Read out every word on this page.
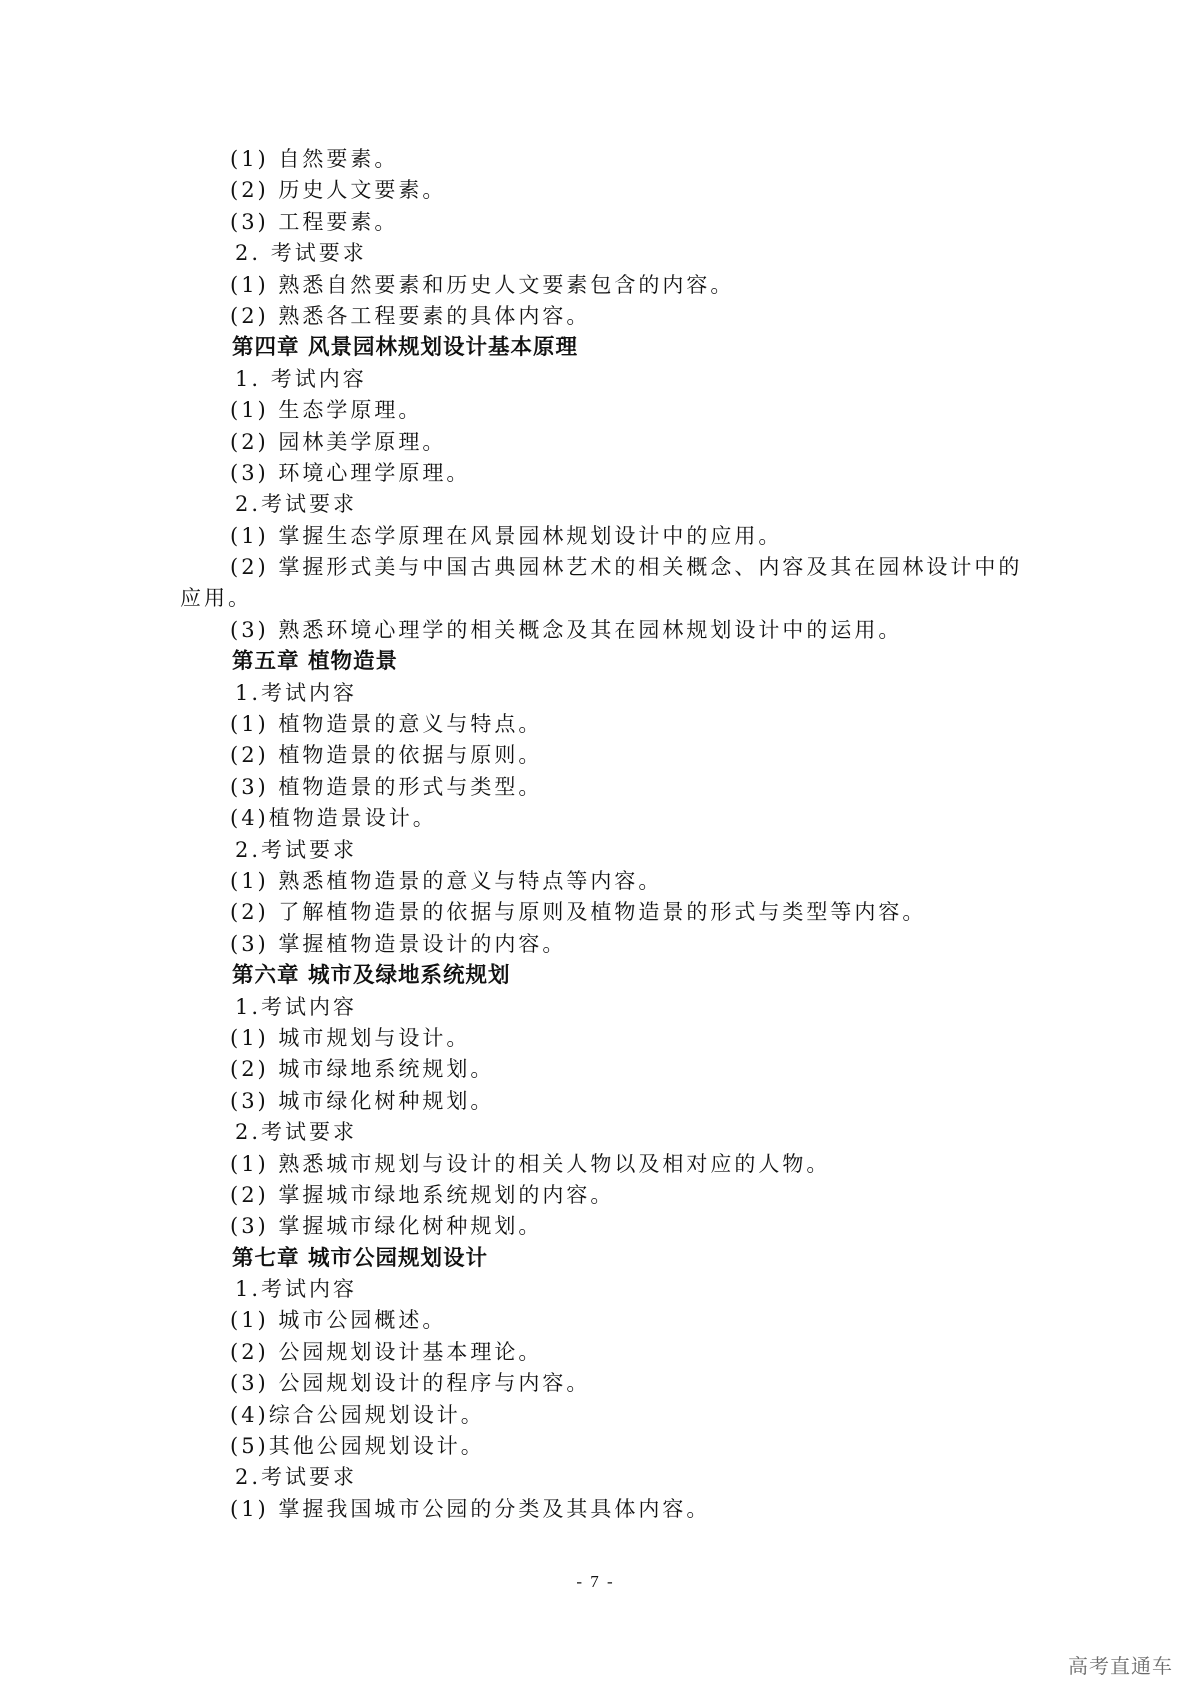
(1) 自然要素。
(2) 历史人文要素。
(3) 工程要素。
2. 考试要求
(1) 熟悉自然要素和历史人文要素包含的内容。
(2) 熟悉各工程要素的具体内容。
第四章 风景园林规划设计基本原理
1. 考试内容
(1) 生态学原理。
(2) 园林美学原理。
(3) 环境心理学原理。
2.考试要求
(1) 掌握生态学原理在风景园林规划设计中的应用。
(2) 掌握形式美与中国古典园林艺术的相关概念、内容及其在园林设计中的
应用。
(3) 熟悉环境心理学的相关概念及其在园林规划设计中的运用。
第五章 植物造景
1.考试内容
(1) 植物造景的意义与特点。
(2) 植物造景的依据与原则。
(3) 植物造景的形式与类型。
(4)植物造景设计。
2.考试要求
(1) 熟悉植物造景的意义与特点等内容。
(2) 了解植物造景的依据与原则及植物造景的形式与类型等内容。
(3) 掌握植物造景设计的内容。
第六章 城市及绿地系统规划
1.考试内容
(1) 城市规划与设计。
(2) 城市绿地系统规划。
(3) 城市绿化树种规划。
2.考试要求
(1) 熟悉城市规划与设计的相关人物以及相对应的人物。
(2) 掌握城市绿地系统规划的内容。
(3) 掌握城市绿化树种规划。
第七章 城市公园规划设计
1.考试内容
(1) 城市公园概述。
(2) 公园规划设计基本理论。
(3) 公园规划设计的程序与内容。
(4)综合公园规划设计。
(5)其他公园规划设计。
2.考试要求
(1) 掌握我国城市公园的分类及其具体内容。
- 7 -
高考直通车
